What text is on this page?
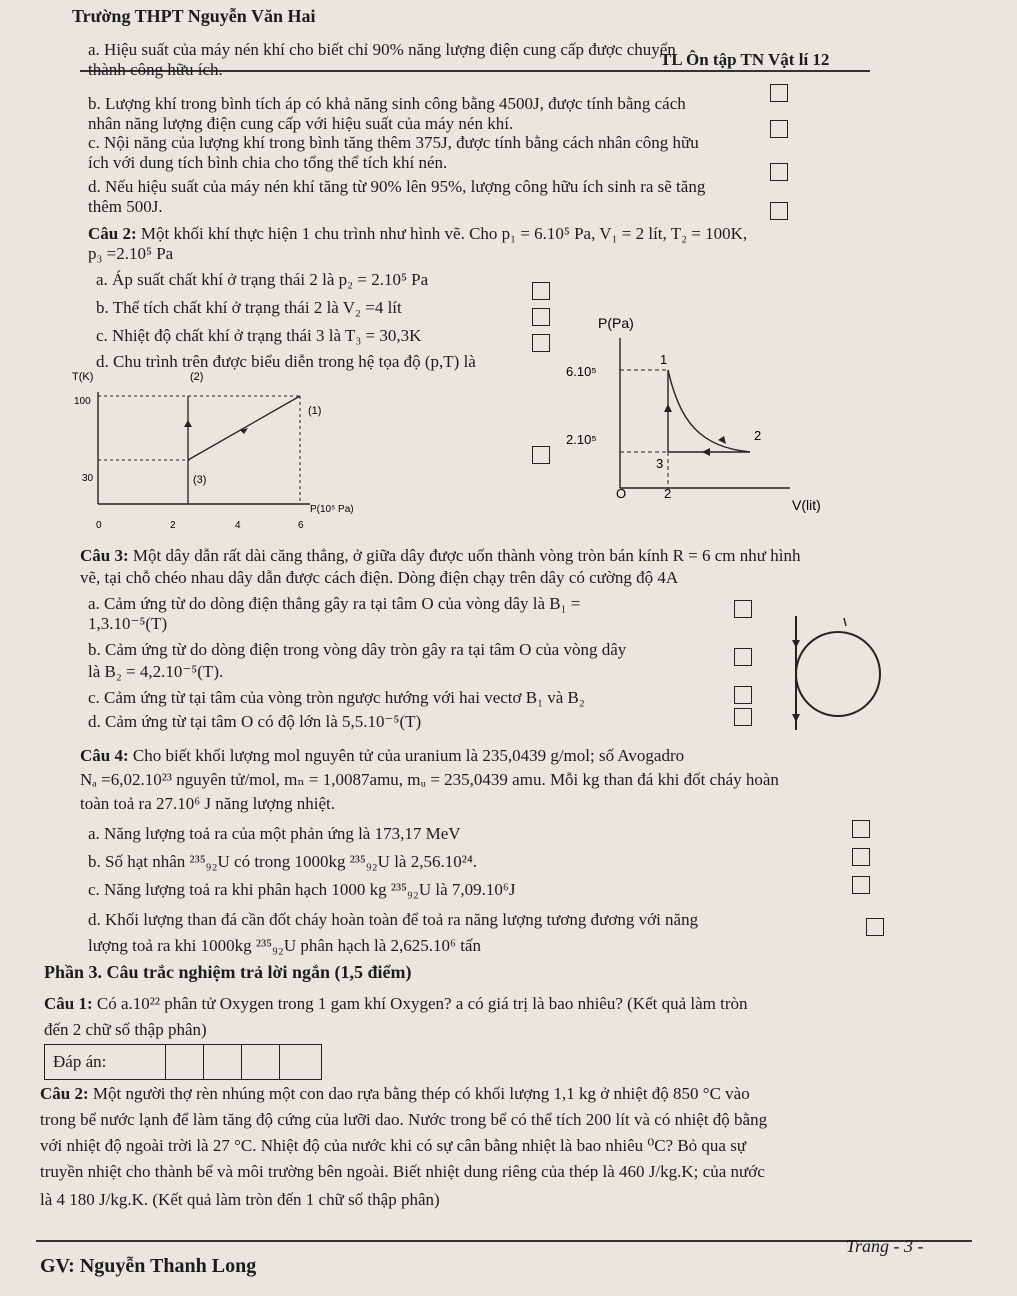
Trường THPT Nguyễn Văn Hai
TL Ôn tập TN Vật lí 12
a. Hiệu suất của máy nén khí cho biết chỉ 90% năng lượng điện cung cấp được chuyển
thành công hữu ích.
b. Lượng khí trong bình tích áp có khả năng sinh công bằng 4500J, được tính bằng cách
nhân năng lượng điện cung cấp với hiệu suất của máy nén khí.
c. Nội năng của lượng khí trong bình tăng thêm 375J, được tính bằng cách nhân công hữu
ích với dung tích bình chia cho tổng thể tích khí nén.
d. Nếu hiệu suất của máy nén khí tăng từ 90% lên 95%, lượng công hữu ích sinh ra sẽ tăng
thêm 500J.
Câu 2: Một khối khí thực hiện 1 chu trình như hình vẽ. Cho p₁ = 6.10⁵ Pa, V₁ = 2 lít, T₂ = 100K,
p₃ =2.10⁵ Pa
a. Áp suất chất khí ở trạng thái 2 là p₂ = 2.10⁵ Pa
b. Thể tích chất khí ở trạng thái 2 là V₂ =4 lít
c. Nhiệt độ chất khí ở trạng thái 3 là T₃ = 30,3K
d. Chu trình trên được biểu diễn trong hệ tọa độ (p,T) là
T(K)	(2)
100
30
(1)
(3)
0	2	4	6
P(10⁵ Pa)
P(Pa)
6.10⁵
2.10⁵
1
2
3
O	2
V(lit)
Câu 3: Một dây dẫn rất dài căng thẳng, ở giữa dây được uốn thành vòng tròn bán kính R = 6 cm như hình
vẽ, tại chỗ chéo nhau dây dẫn được cách điện. Dòng điện chạy trên dây có cường độ 4A
a. Cảm ứng từ do dòng điện thẳng gây ra tại tâm O của vòng dây là B₁ =
1,3.10⁻⁵(T)
b. Cảm ứng từ do dòng điện trong vòng dây tròn gây ra tại tâm O của vòng dây
là B₂ = 4,2.10⁻⁵(T).
c. Cảm ứng từ tại tâm của vòng tròn ngược hướng với hai vectơ B₁ và B₂
d. Cảm ứng từ tại tâm O có độ lớn là 5,5.10⁻⁵(T)
Câu 4: Cho biết khối lượng mol nguyên tử của uranium là 235,0439 g/mol; số Avogadro
Nₐ =6,02.10²³ nguyên tử/mol, mₙ = 1,0087amu, mᵤ = 235,0439 amu. Mỗi kg than đá khi đốt cháy hoàn
toàn toả ra 27.10⁶ J năng lượng nhiệt.
a. Năng lượng toả ra của một phản ứng là 173,17 MeV
b. Số hạt nhân ²³⁵₉₂U có trong 1000kg ²³⁵₉₂U là 2,56.10²⁴.
c. Năng lượng toả ra khi phân hạch 1000 kg ²³⁵₉₂U là 7,09.10⁶J
d. Khối lượng than đá cần đốt cháy hoàn toàn để toả ra năng lượng tương đương với năng
lượng toả ra khi 1000kg ²³⁵₉₂U phân hạch là 2,625.10⁶ tấn
Phần 3. Câu trắc nghiệm trả lời ngắn (1,5 điểm)
Câu 1: Có a.10²² phân tử Oxygen trong 1 gam khí Oxygen? a có giá trị là bao nhiêu? (Kết quả làm tròn
đến 2 chữ số thập phân)
Đáp án:
Câu 2: Một người thợ rèn nhúng một con dao rựa bằng thép có khối lượng 1,1 kg ở nhiệt độ 850 °C vào
trong bể nước lạnh để làm tăng độ cứng của lưỡi dao. Nước trong bể có thể tích 200 lít và có nhiệt độ bằng
với nhiệt độ ngoài trời là 27 °C. Nhiệt độ của nước khi có sự cân bằng nhiệt là bao nhiêu ⁰C? Bỏ qua sự
truyền nhiệt cho thành bể và môi trường bên ngoài. Biết nhiệt dung riêng của thép là 460 J/kg.K; của nước
là 4 180 J/kg.K. (Kết quả làm tròn đến 1 chữ số thập phân)
Trang - 3 -
GV: Nguyễn Thanh Long
